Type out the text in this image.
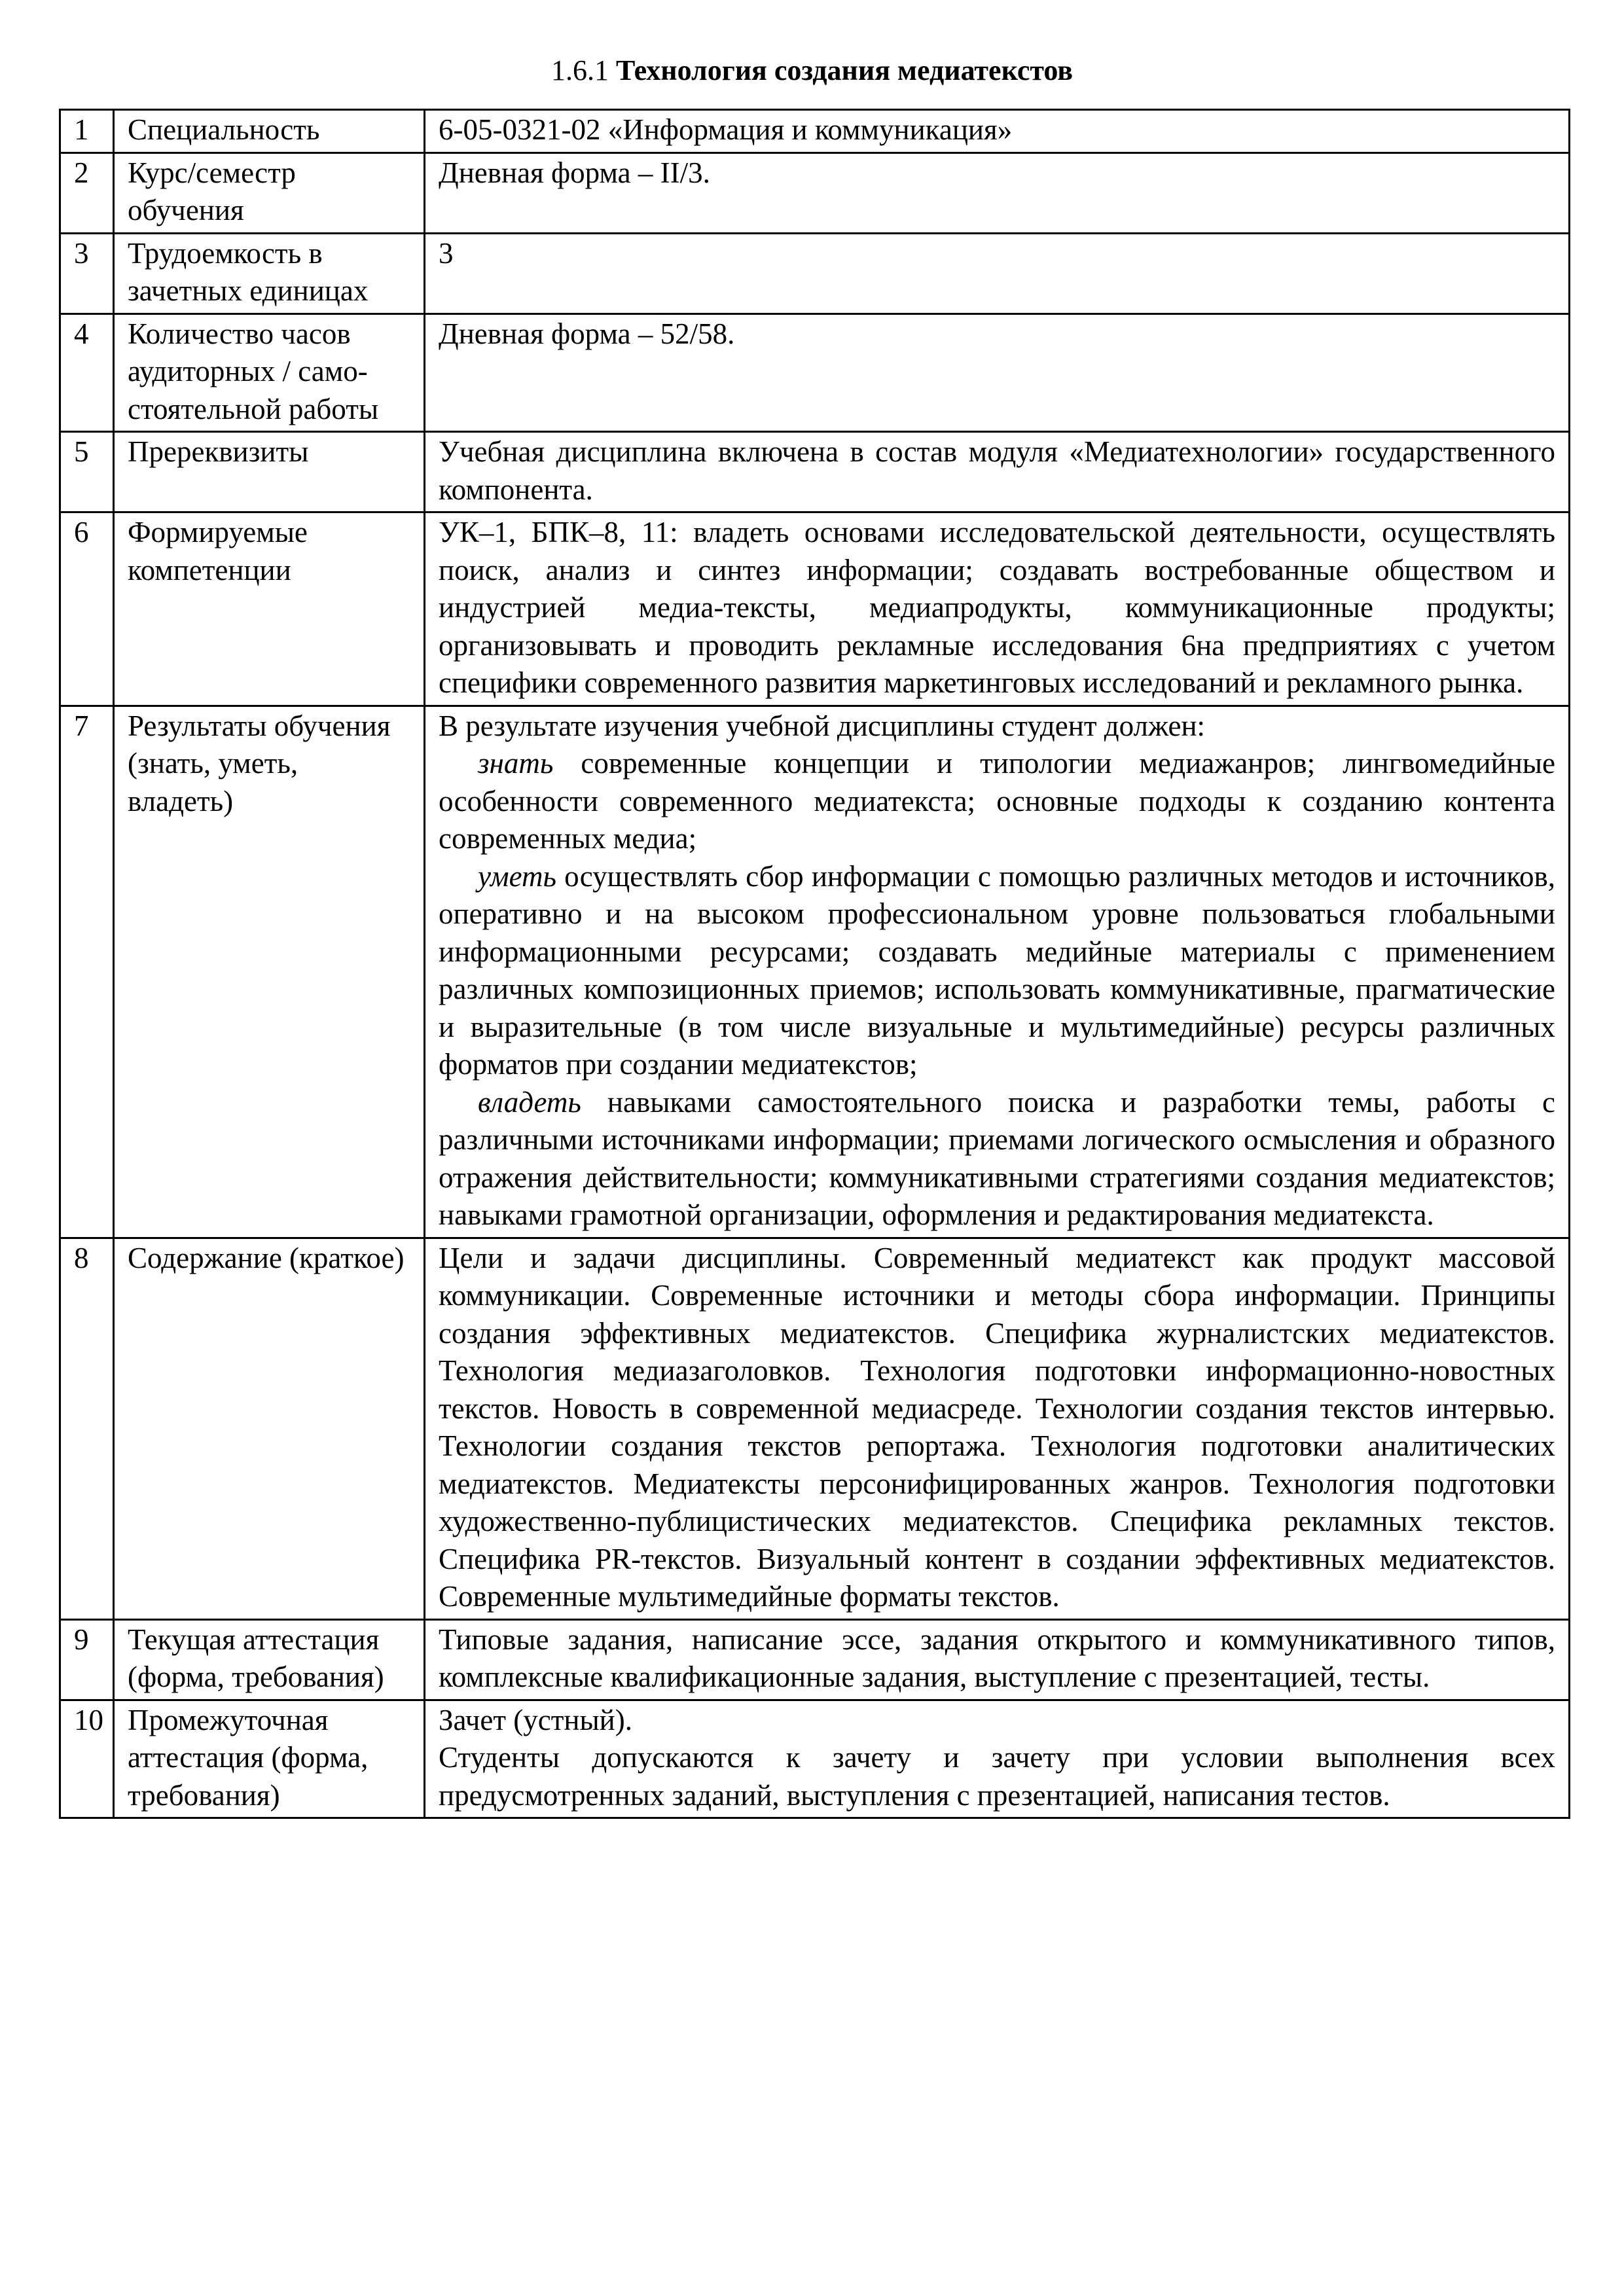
1.6.1 Технология создания медиатекстов
1	Специальность	6-05-0321-02 «Информация и коммуникация»

2	Курс/семестр обучения	Дневная форма – II/3.

3	Трудоемкость в зачетных единицах	3

4	Количество часов аудиторных / само-стоятельной работы	Дневная форма – 52/58.

5	Пререквизиты	Учебная дисциплина включена в состав модуля «Медиатехнологии» государственного компонента.

6	Формируемые компетенции	УК–1, БПК–8, 11: владеть основами исследовательской деятельности, осуществлять поиск, анализ и синтез информации; создавать востребованные обществом и индустрией медиа-тексты, медиапродукты, коммуникационные продукты; организовывать и проводить рекламные исследования 6на предприятиях с учетом специфики современного развития маркетинговых исследований и рекламного рынка.

7	Результаты обучения (знать, уметь, владеть)	В результате изучения учебной дисциплины студент должен:
знать современные концепции и типологии медиажанров; лингвомедийные особенности современного медиатекста; основные подходы к созданию контента современных медиа;
уметь осуществлять сбор информации с помощью различных методов и источников, оперативно и на высоком профессиональном уровне пользоваться глобальными информационными ресурсами; создавать медийные материалы с применением различных композиционных приемов; использовать коммуникативные, прагматические и выразительные (в том числе визуальные и мультимедийные) ресурсы различных форматов при создании медиатекстов;
владеть навыками самостоятельного поиска и разработки темы, работы с различными источниками информации; приемами логического осмысления и образного отражения действительности; коммуникативными стратегиями создания медиатекстов; навыками грамотной организации, оформления и редактирования медиатекста.

8	Содержание (краткое)	Цели и задачи дисциплины. Современный медиатекст как продукт массовой коммуникации. Современные источники и методы сбора информации. Принципы создания эффективных медиатекстов. Специфика журналистских медиатекстов. Технология медиазаголовков. Технология подготовки информационно-новостных текстов. Новость в современной медиасреде. Технологии создания текстов интервью. Технологии создания текстов репортажа. Технология подготовки аналитических медиатекстов. Медиатексты персонифицированных жанров. Технология подготовки художественно-публицистических медиатекстов. Специфика рекламных текстов. Специфика PR-текстов. Визуальный контент в создании эффективных медиатекстов. Современные мультимедийные форматы текстов.

9	Текущая аттестация (форма, требования)	Типовые задания, написание эссе, задания открытого и коммуникативного типов, комплексные квалификационные задания, выступление с презентацией, тесты.

10	Промежуточная аттестация (форма, требования)	Зачет (устный).
Студенты допускаются к зачету и зачету при условии выполнения всех предусмотренных заданий, выступления с презентацией, написания тестов.
